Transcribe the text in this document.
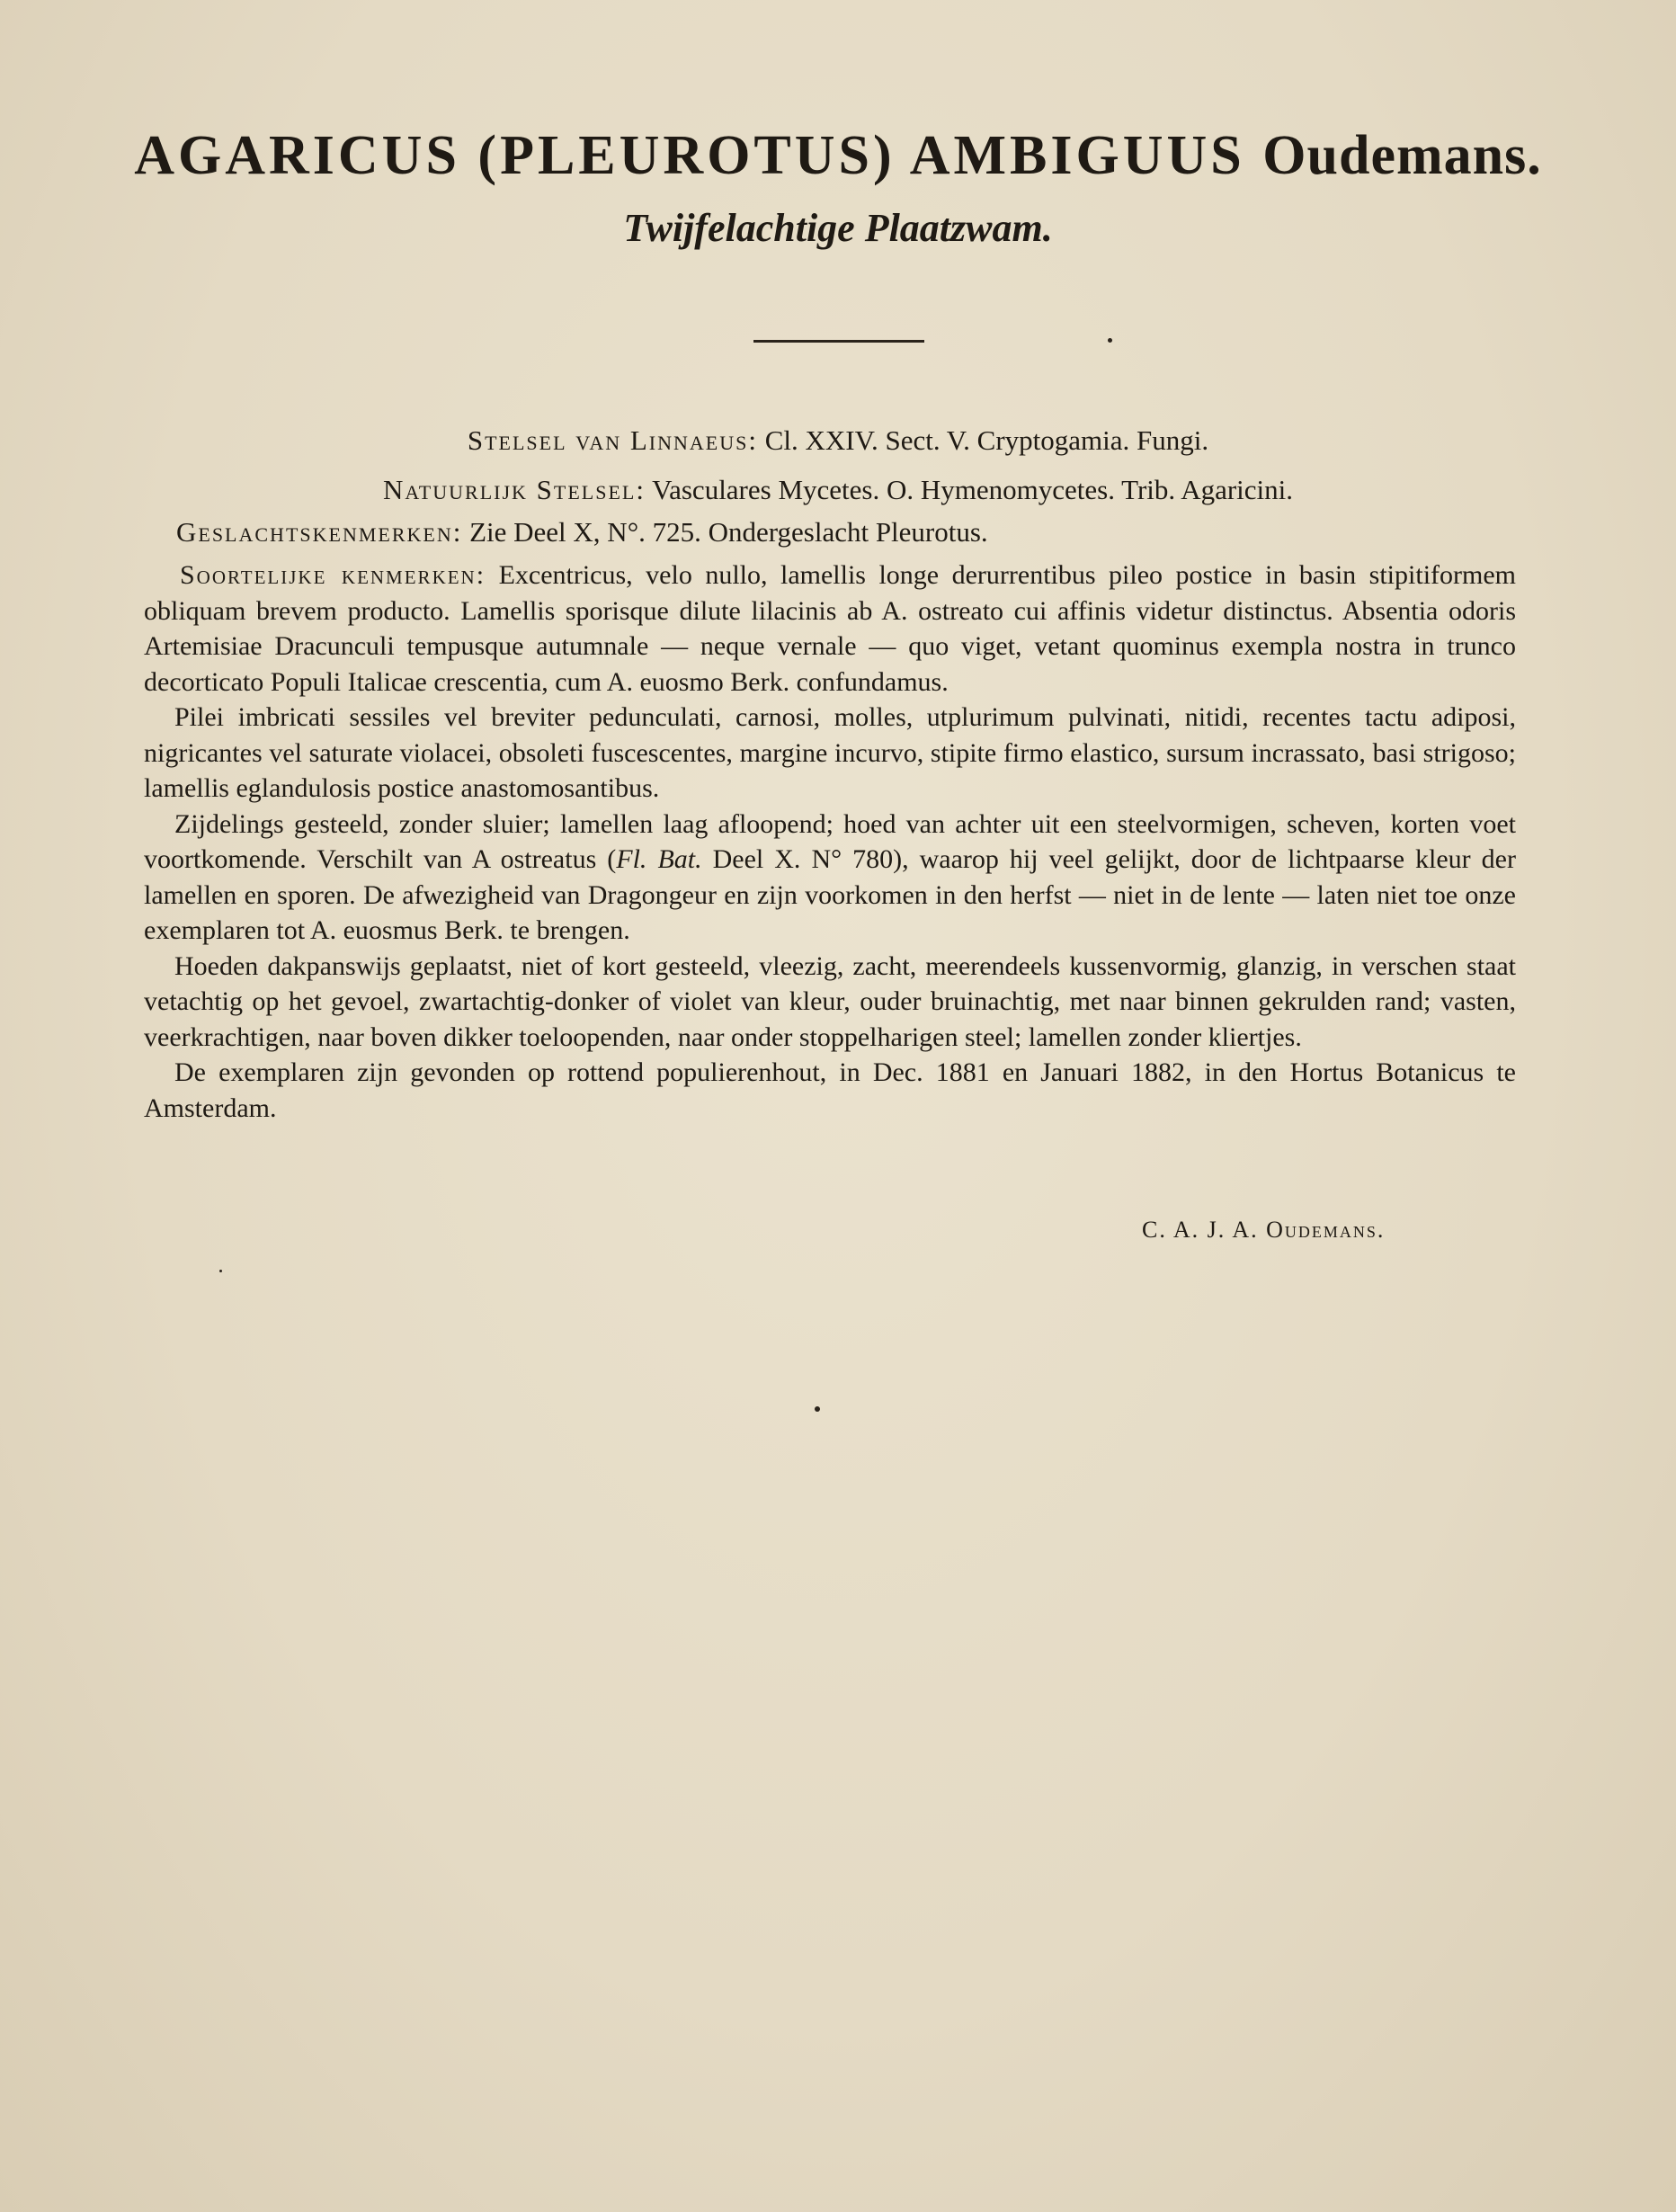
AGARICUS (PLEUROTUS) AMBIGUUS Oudemans.
Twijfelachtige Plaatzwam.
Stelsel van Linnaeus: Cl. XXIV. Sect. V. Cryptogamia. Fungi.
Natuurlijk Stelsel: Vasculares Mycetes. O. Hymenomycetes. Trib. Agaricini.
Geslachtskenmerken: Zie Deel X, N°. 725. Ondergeslacht Pleurotus.

Soortelijke kenmerken: Excentricus, velo nullo, lamellis longe derurrentibus pileo postice in basin stipitiformem obliquam brevem producto. Lamellis sporisque dilute lilacinis ab A. ostreato cui affinis videtur distinctus. Absentia odoris Artemisiae Dracunculi tempusque autumnale — neque vernale — quo viget, vetant quominus exempla nostra in trunco decorticato Populi Italicae crescentia, cum A. euosmo Berk. confundamus.

Pilei imbricati sessiles vel breviter pedunculati, carnosi, molles, utplurimum pulvinati, nitidi, recentes tactu adiposi, nigricantes vel saturate violacei, obsoleti fuscescentes, margine incurvo, stipite firmo elastico, sursum incrassato, basi strigoso; lamellis eglandulosis postice anastomosantibus.

Zijdelings gesteeld, zonder sluier; lamellen laag afloopend; hoed van achter uit een steelvormigen, scheven, korten voet voortkomende. Verschilt van A ostreatus (Fl. Bat. Deel X. N° 780), waarop hij veel gelijkt, door de lichtpaarse kleur der lamellen en sporen. De afwezigheid van Dragongeur en zijn voorkomen in den herfst — niet in de lente — laten niet toe onze exemplaren tot A. euosmus Berk. te brengen.

Hoeden dakpanswijs geplaatst, niet of kort gesteeld, vleezig, zacht, meerendeels kussenvormig, glanzig, in verschen staat vetachtig op het gevoel, zwartachtig-donker of violet van kleur, ouder bruinachtig, met naar binnen gekrulden rand; vasten, veerkrachtigen, naar boven dikker toeloopenden, naar onder stoppelharigen steel; lamellen zonder kliertjes.

De exemplaren zijn gevonden op rottend populierenhout, in Dec. 1881 en Januari 1882, in den Hortus Botanicus te Amsterdam.

C. A. J. A. Oudemans.
